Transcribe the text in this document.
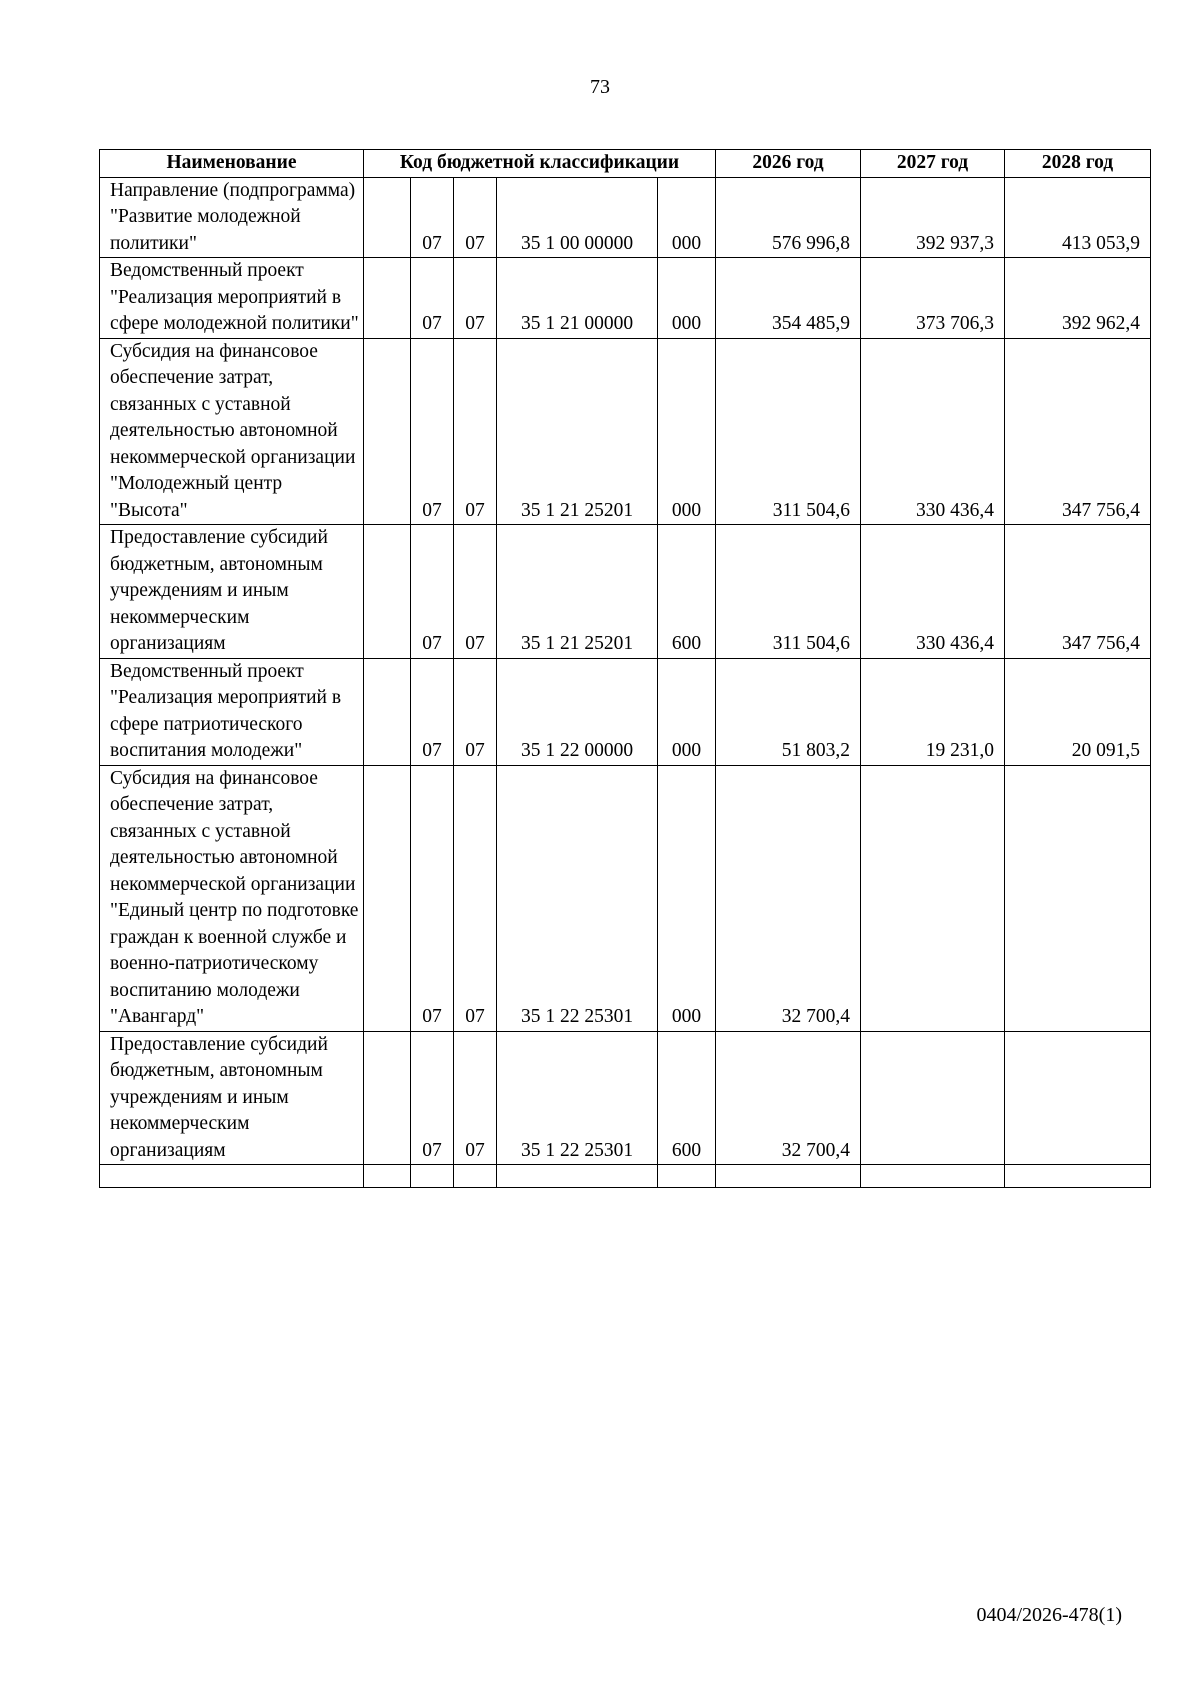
73
Наименование	Код бюджетной классификации					2026 год	2027 год	2028 год
Направление (подпрограмма) "Развитие молодежной политики"		07	07	35 1 00 00000	000	576 996,8	392 937,3	413 053,9
Ведомственный проект "Реализация мероприятий в сфере молодежной политики"		07	07	35 1 21 00000	000	354 485,9	373 706,3	392 962,4
Субсидия на финансовое обеспечение затрат, связанных с уставной деятельностью автономной некоммерческой организации "Молодежный центр "Высота"		07	07	35 1 21 25201	000	311 504,6	330 436,4	347 756,4
Предоставление субсидий бюджетным, автономным учреждениям и иным некоммерческим организациям		07	07	35 1 21 25201	600	311 504,6	330 436,4	347 756,4
Ведомственный проект "Реализация мероприятий в сфере патриотического воспитания молодежи"		07	07	35 1 22 00000	000	51 803,2	19 231,0	20 091,5
Субсидия на финансовое обеспечение затрат, связанных с уставной деятельностью автономной некоммерческой организации "Единый центр по подготовке граждан к военной службе и военно-патриотическому воспитанию молодежи "Авангард"		07	07	35 1 22 25301	000	32 700,4		
Предоставление субсидий бюджетным, автономным учреждениям и иным некоммерческим организациям		07	07	35 1 22 25301	600	32 700,4		

0404/2026-478(1)
